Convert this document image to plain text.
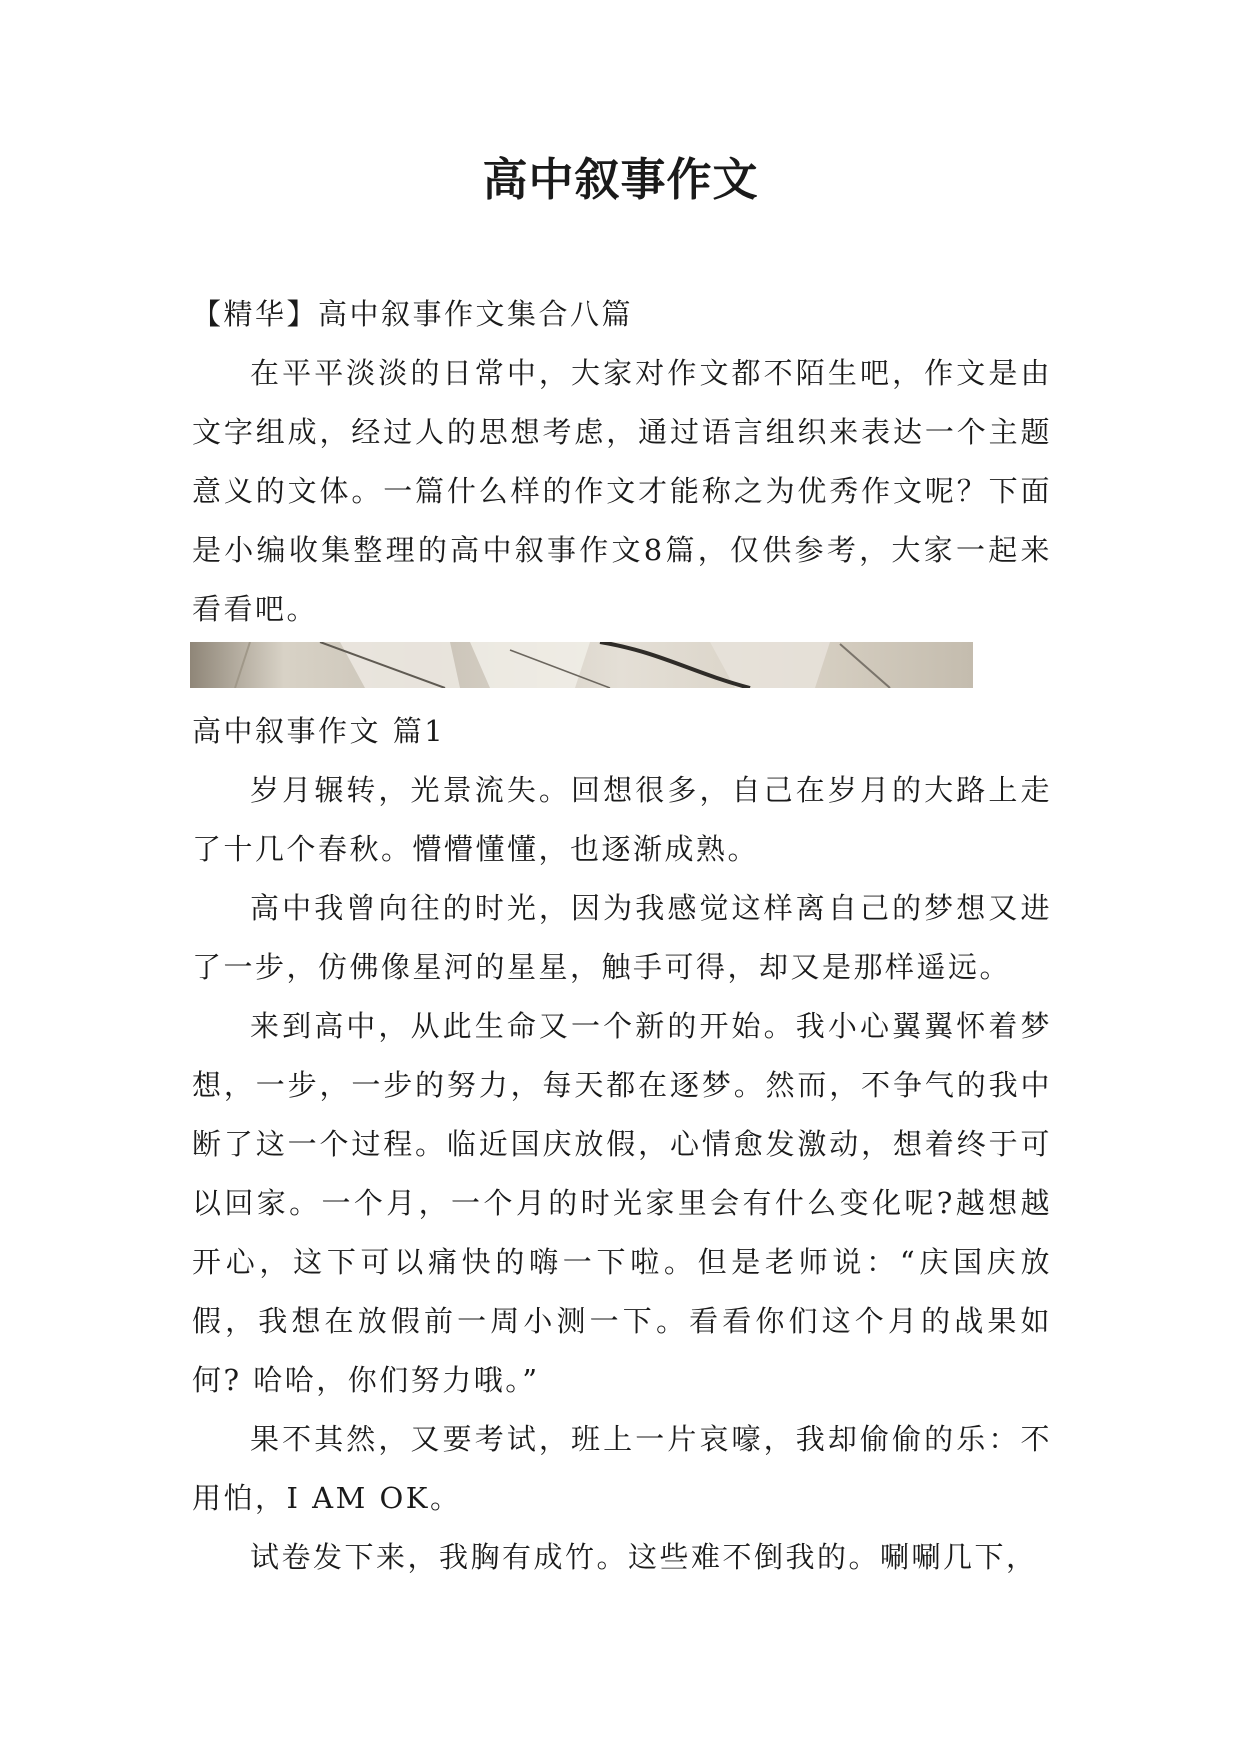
高中叙事作文

【精华】高中叙事作文集合八篇

在平平淡淡的日常中，大家对作文都不陌生吧，作文是由文字组成，经过人的思想考虑，通过语言组织来表达一个主题意义的文体。一篇什么样的作文才能称之为优秀作文呢？下面是小编收集整理的高中叙事作文8篇，仅供参考，大家一起来看看吧。

高中叙事作文 篇1

岁月辗转，光景流失。回想很多，自己在岁月的大路上走了十几个春秋。懵懵懂懂，也逐渐成熟。

高中我曾向往的时光，因为我感觉这样离自己的梦想又进了一步，仿佛像星河的星星，触手可得，却又是那样遥远。

来到高中，从此生命又一个新的开始。我小心翼翼怀着梦想，一步，一步的努力，每天都在逐梦。然而，不争气的我中断了这一个过程。临近国庆放假，心情愈发激动，想着终于可以回家。一个月，一个月的时光家里会有什么变化呢?越想越开心，这下可以痛快的嗨一下啦。但是老师说：“庆国庆放假，我想在放假前一周小测一下。看看你们这个月的战果如何? 哈哈，你们努力哦。”

果不其然，又要考试，班上一片哀嚎，我却偷偷的乐：不用怕，I AM OK。

试卷发下来，我胸有成竹。这些难不倒我的。唰唰几下，
